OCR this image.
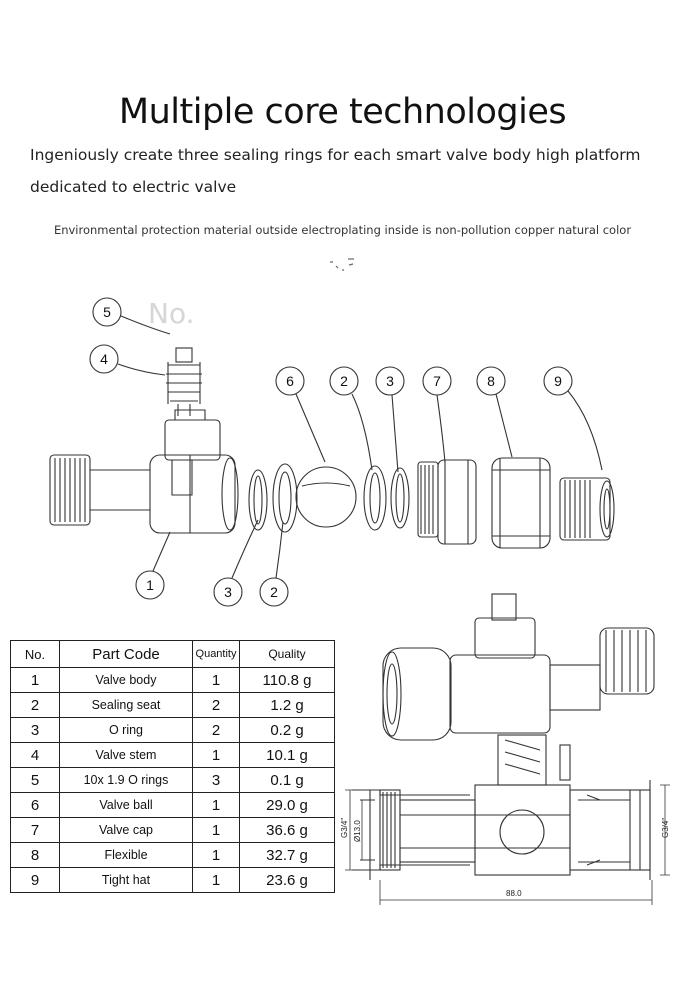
Multiple core technologies
Ingeniously create three sealing rings for each smart valve body high platform
dedicated to electric valve
Environmental protection material outside electroplating inside is non-pollution copper natural color
No.
5
4
6	2	3	7	8	9
1	3	2
G3/4" Ø13.0	G3/4"
88.0
No.	Part Code	Quantity	Quality
1	Valve body	1	110.8 g
2	Sealing seat	2	1.2 g
3	O ring	2	0.2 g
4	Valve stem	1	10.1 g
5	10x 1.9 O rings	3	0.1 g
6	Valve ball	1	29.0 g
7	Valve cap	1	36.6 g
8	Flexible	1	32.7 g
9	Tight hat	1	23.6 g
